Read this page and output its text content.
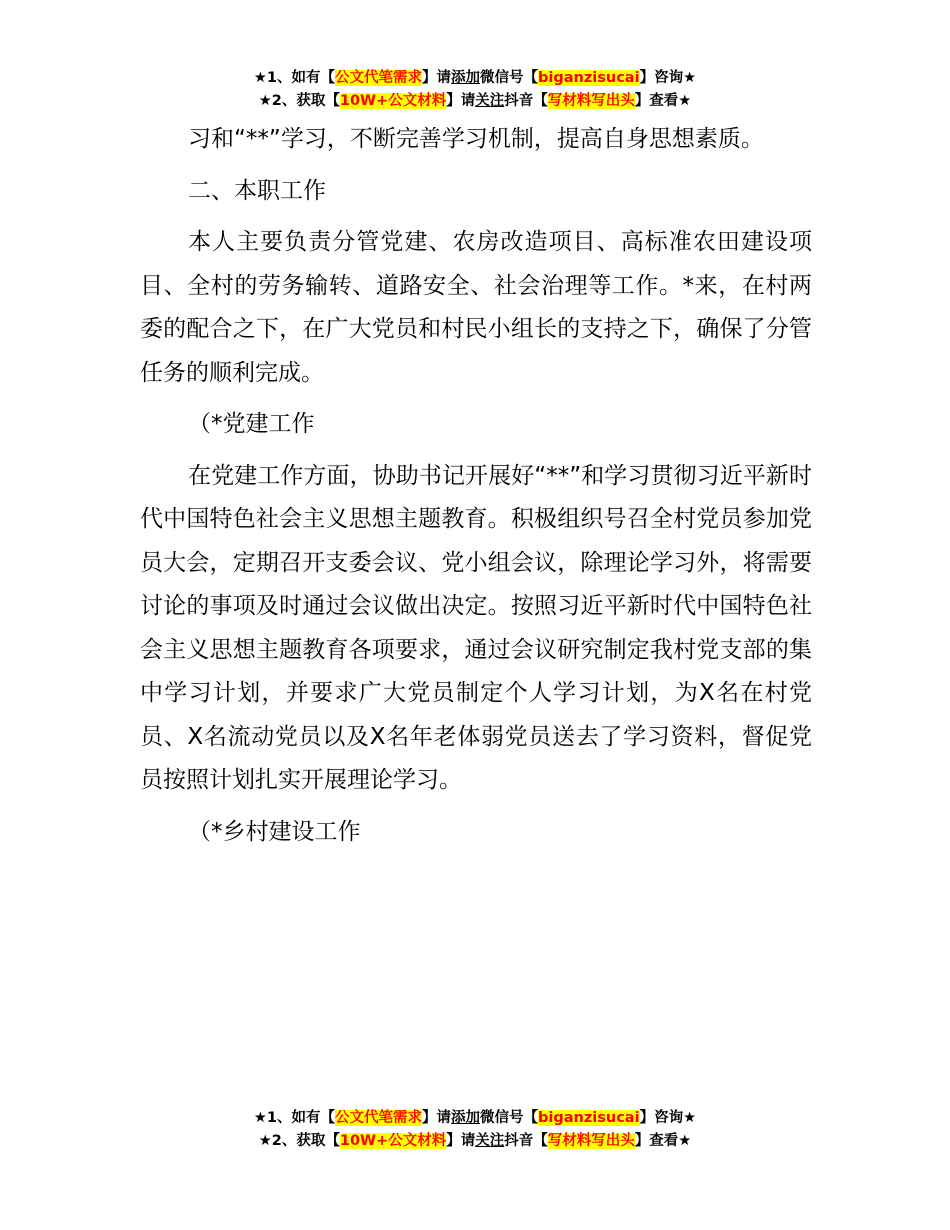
★1、如有【公文代笔需求】请添加微信号【biganzisucai】咨询★
★2、获取【10W+公文材料】请关注抖音【写材料写出头】查看★

习和“**”学习，不断完善学习机制，提高自身思想素质。

二、本职工作

本人主要负责分管党建、农房改造项目、高标准农田建设项目、全村的劳务输转、道路安全、社会治理等工作。*来，在村两委的配合之下，在广大党员和村民小组长的支持之下，确保了分管任务的顺利完成。

（*党建工作

在党建工作方面，协助书记开展好“**”和学习贯彻习近平新时代中国特色社会主义思想主题教育。积极组织号召全村党员参加党员大会，定期召开支委会议、党小组会议，除理论学习外，将需要讨论的事项及时通过会议做出决定。按照习近平新时代中国特色社会主义思想主题教育各项要求，通过会议研究制定我村党支部的集中学习计划，并要求广大党员制定个人学习计划，为X名在村党员、X名流动党员以及X名年老体弱党员送去了学习资料，督促党员按照计划扎实开展理论学习。

（*乡村建设工作

★1、如有【公文代笔需求】请添加微信号【biganzisucai】咨询★
★2、获取【10W+公文材料】请关注抖音【写材料写出头】查看★
